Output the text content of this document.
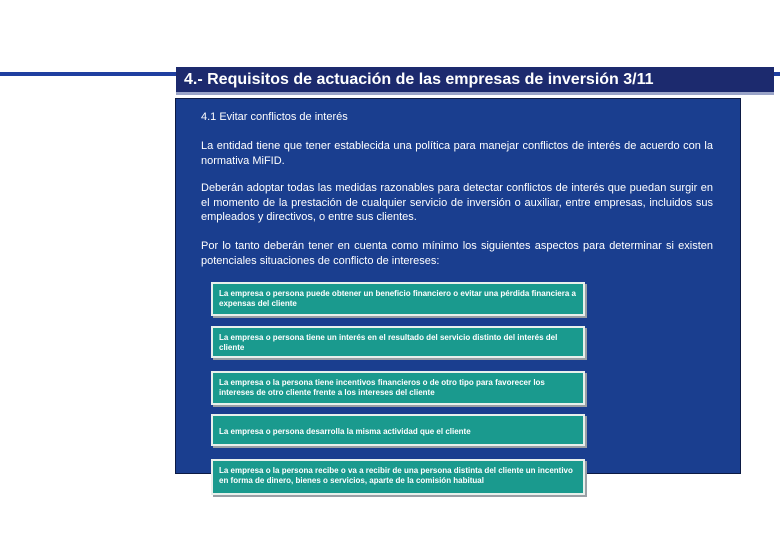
4.- Requisitos de actuación de las empresas de inversión 3/11
4.1 Evitar conflictos de interés
La entidad tiene que tener establecida una política para manejar conflictos de interés de acuerdo con la normativa MiFID.
Deberán adoptar todas las medidas razonables para detectar conflictos de interés que puedan surgir en el momento de la prestación de cualquier servicio de inversión o auxiliar, entre empresas, incluidos sus empleados y directivos, o entre sus clientes.
Por lo tanto deberán tener en cuenta como mínimo los siguientes aspectos para determinar si existen potenciales situaciones de conflicto de intereses:
La empresa o persona puede obtener un beneficio financiero o evitar una pérdida financiera a expensas del cliente
La empresa o persona tiene un interés en el resultado del servicio distinto del interés del cliente
La empresa o la persona tiene incentivos financieros o de otro tipo para favorecer los intereses de otro cliente frente a los intereses del cliente
La empresa o persona desarrolla la misma actividad que el cliente
La empresa o la persona recibe o va a recibir de una persona distinta del cliente un incentivo en forma de dinero, bienes o servicios, aparte de la comisión habitual
